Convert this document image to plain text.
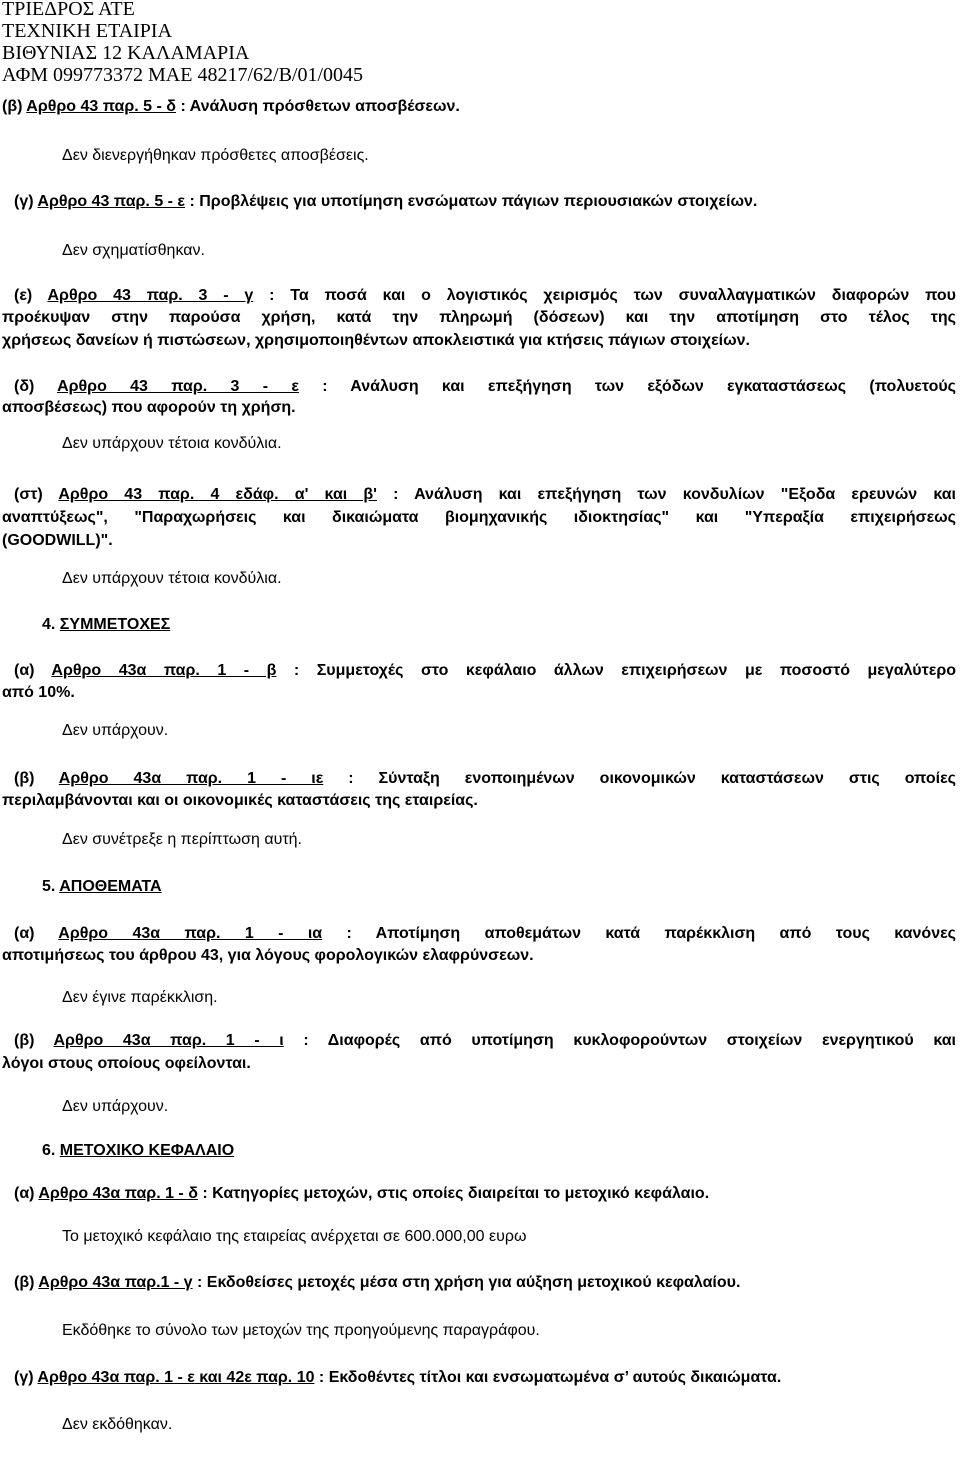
ΤΡΙΕΔΡΟΣ ΑΤΕ
ΤΕΧΝΙΚΗ ΕΤΑΙΡΙΑ
ΒΙΘΥΝΙΑΣ 12 ΚΑΛΑΜΑΡΙΑ
ΑΦΜ 099773372 ΜΑΕ 48217/62/Β/01/0045
(β) Αρθρο 43 παρ. 5 - δ : Ανάλυση πρόσθετων αποσβέσεων.
Δεν διενεργήθηκαν πρόσθετες αποσβέσεις.
(γ) Αρθρο 43 παρ. 5 - ε : Προβλέψεις για υποτίμηση ενσώματων πάγιων περιουσιακών στοιχείων.
Δεν σχηματίσθηκαν.
(ε) Αρθρο 43 παρ. 3 - γ : Τα ποσά και ο λογιστικός χειρισμός των συναλλαγματικών διαφορών που
προέκυψαν στην παρούσα χρήση, κατά την πληρωμή (δόσεων) και την αποτίμηση στο τέλος της
χρήσεως δανείων ή πιστώσεων, χρησιμοποιηθέντων αποκλειστικά για κτήσεις πάγιων στοιχείων.
(δ) Αρθρο 43 παρ. 3 - ε : Ανάλυση και επεξήγηση των εξόδων εγκαταστάσεως (πολυετούς
αποσβέσεως) που αφορούν τη χρήση.
Δεν υπάρχουν τέτοια κονδύλια.
(στ) Αρθρο 43 παρ. 4 εδάφ. α' και β' : Ανάλυση και επεξήγηση των κονδυλίων "Εξοδα ερευνών και
αναπτύξεως", "Παραχωρήσεις και δικαιώματα βιομηχανικής ιδιοκτησίας" και "Υπεραξία επιχειρήσεως
(GOODWILL)".
Δεν υπάρχουν τέτοια κονδύλια.
4. ΣΥΜΜΕΤΟΧΕΣ
(α) Αρθρο 43α παρ. 1 - β : Συμμετοχές στο κεφάλαιο άλλων επιχειρήσεων με ποσοστό μεγαλύτερο
από 10%.
Δεν υπάρχουν.
(β) Αρθρο 43α παρ. 1 - ιε : Σύνταξη ενοποιημένων οικονομικών καταστάσεων στις οποίες
περιλαμβάνονται και οι οικονομικές καταστάσεις της εταιρείας.
Δεν συνέτρεξε η περίπτωση αυτή.
5. ΑΠΟΘΕΜΑΤΑ
(α) Αρθρο 43α παρ. 1 - ια : Αποτίμηση αποθεμάτων κατά παρέκκλιση από τους κανόνες
αποτιμήσεως του άρθρου 43, για λόγους φορολογικών ελαφρύνσεων.
Δεν έγινε παρέκκλιση.
(β) Αρθρο 43α παρ. 1 - ι : Διαφορές από υποτίμηση κυκλοφορούντων στοιχείων ενεργητικού και
λόγοι στους οποίους οφείλονται.
Δεν υπάρχουν.
6. ΜΕΤΟΧΙΚΟ ΚΕΦΑΛΑΙΟ
(α) Αρθρο 43α παρ. 1 - δ : Κατηγορίες μετοχών, στις οποίες διαιρείται το μετοχικό κεφάλαιο.
Το μετοχικό κεφάλαιο της εταιρείας ανέρχεται σε 600.000,00 ευρω
(β) Αρθρο 43α παρ.1 - γ : Εκδοθείσες μετοχές μέσα στη χρήση για αύξηση μετοχικού κεφαλαίου.
Εκδόθηκε το σύνολο των μετοχών της προηγούμενης παραγράφου.
(γ) Αρθρο 43α παρ. 1 - ε και 42ε παρ. 10 : Εκδοθέντες τίτλοι και ενσωματωμένα σ’ αυτούς δικαιώματα.
Δεν εκδόθηκαν.
